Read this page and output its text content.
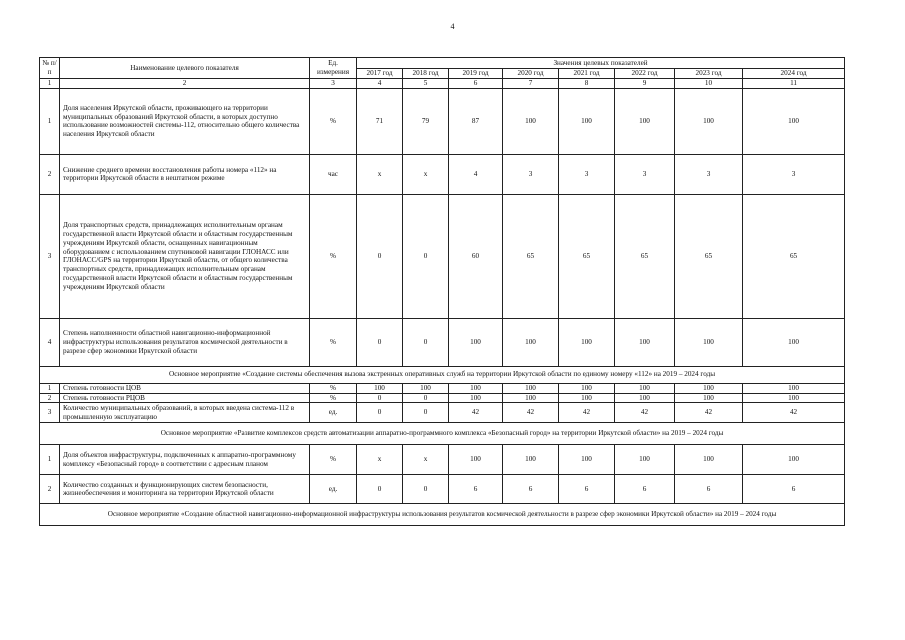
4
№ п/п	Наименование целевого показателя	Ед. измерения	Значения целевых показателей							
			2017 год	2018 год	2019 год	2020 год	2021 год	2022 год	2023 год	2024 год
1	2	3	4	5	6	7	8	9	10	11
1	Доля населения Иркутской области, проживающего на территории муниципальных образований Иркутской области, в которых доступно использование возможностей системы-112, относительно общего количества населения Иркутской области	%	71	79	87	100	100	100	100	100
2	Снижение среднего времени восстановления работы номера «112» на территории Иркутской области в нештатном режиме	час	х	х	4	3	3	3	3	3
3	Доля транспортных средств, принадлежащих исполнительным органам государственной власти Иркутской области и областным государственным учреждениям Иркутской области, оснащенных навигационным оборудованием с использованием спутниковой навигации ГЛОНАСС или ГЛОНАСС/GPS на территории Иркутской области, от общего количества транспортных средств, принадлежащих исполнительным органам государственной власти Иркутской области и областным государственным учреждениям Иркутской области	%	0	0	60	65	65	65	65	65
4	Степень наполненности областной навигационно-информационной инфраструктуры использования результатов космической деятельности в разрезе сфер экономики Иркутской области	%	0	0	100	100	100	100	100	100
Основное мероприятие «Создание системы обеспечения вызова экстренных оперативных служб на территории Иркутской области по единому номеру «112» на 2019 – 2024 годы										
1	Степень готовности ЦОВ	%	100	100	100	100	100	100	100	100
2	Степень готовности РЦОВ	%	0	0	100	100	100	100	100	100
3	Количество муниципальных образований, в которых введена система-112 в промышленную эксплуатацию	ед.	0	0	42	42	42	42	42	42
Основное мероприятие «Развитие комплексов средств автоматизации аппаратно-программного комплекса «Безопасный город» на территории Иркутской области» на 2019 – 2024 годы										
1	Доля объектов инфраструктуры, подключенных к аппаратно-программному комплексу «Безопасный город» в соответствии с адресным планом	%	х	х	100	100	100	100	100	100
2	Количество созданных и функционирующих систем безопасности, жизнеобеспечения и мониторинга на территории Иркутской области	ед.	0	0	6	6	6	6	6	6
Основное мероприятие «Создание областной навигационно-информационной инфраструктуры использования результатов космической деятельности в разрезе сфер экономики Иркутской области» на 2019 – 2024 годы										
